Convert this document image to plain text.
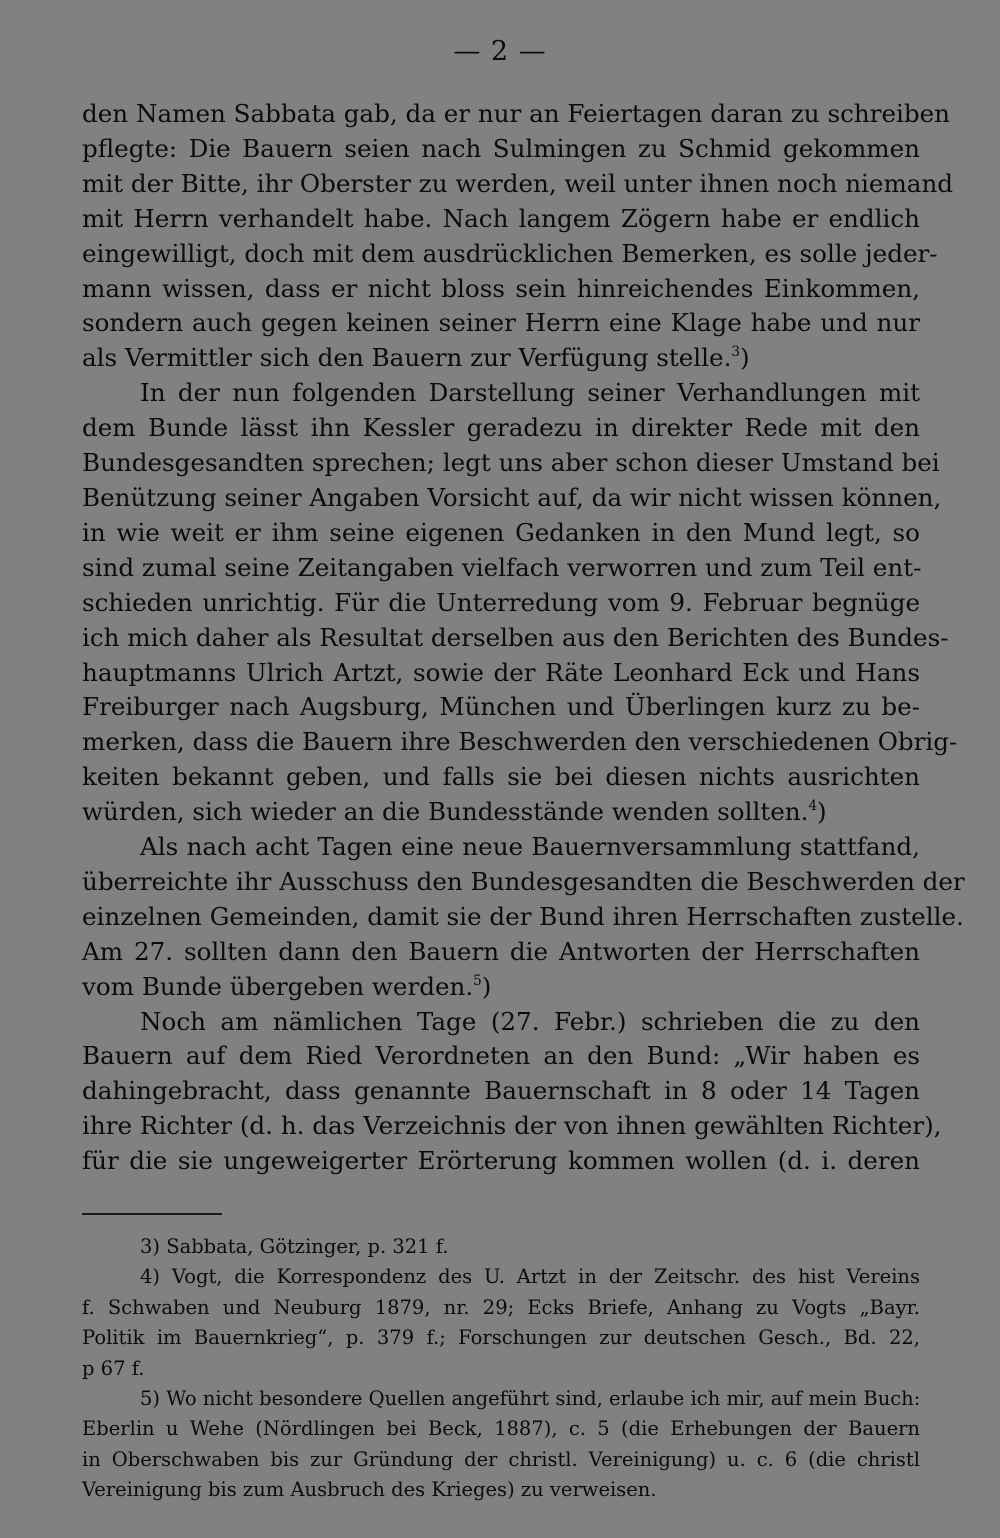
— 2 —
den Namen Sabbata gab, da er nur an Feiertagen daran zu schreiben
pflegte: Die Bauern seien nach Sulmingen zu Schmid gekommen
mit der Bitte, ihr Oberster zu werden, weil unter ihnen noch niemand
mit Herrn verhandelt habe. Nach langem Zögern habe er endlich
eingewilligt, doch mit dem ausdrücklichen Bemerken, es solle jeder-
mann wissen, dass er nicht bloss sein hinreichendes Einkommen,
sondern auch gegen keinen seiner Herrn eine Klage habe und nur
als Vermittler sich den Bauern zur Verfügung stelle.$^3$)
In der nun folgenden Darstellung seiner Verhandlungen mit
dem Bunde lässt ihn Kessler geradezu in direkter Rede mit den
Bundesgesandten sprechen; legt uns aber schon dieser Umstand bei
Benützung seiner Angaben Vorsicht auf, da wir nicht wissen können,
in wie weit er ihm seine eigenen Gedanken in den Mund legt, so
sind zumal seine Zeitangaben vielfach verworren und zum Teil ent-
schieden unrichtig. Für die Unterredung vom 9. Februar begnüge
ich mich daher als Resultat derselben aus den Berichten des Bundes-
hauptmanns Ulrich Artzt, sowie der Räte Leonhard Eck und Hans
Freiburger nach Augsburg, München und Überlingen kurz zu be-
merken, dass die Bauern ihre Beschwerden den verschiedenen Obrig-
keiten bekannt geben, und falls sie bei diesen nichts ausrichten
würden, sich wieder an die Bundesstände wenden sollten.$^4$)
Als nach acht Tagen eine neue Bauernversammlung stattfand,
überreichte ihr Ausschuss den Bundesgesandten die Beschwerden der
einzelnen Gemeinden, damit sie der Bund ihren Herrschaften zustelle.
Am 27. sollten dann den Bauern die Antworten der Herrschaften
vom Bunde übergeben werden.$^5$)
Noch am nämlichen Tage (27. Febr.) schrieben die zu den
Bauern auf dem Ried Verordneten an den Bund: „Wir haben es
dahingebracht, dass genannte Bauernschaft in 8 oder 14 Tagen
ihre Richter (d. h. das Verzeichnis der von ihnen gewählten Richter),
für die sie ungeweigerter Erörterung kommen wollen (d. i. deren
3) Sabbata, Götzinger, p. 321 f.
4) Vogt, die Korrespondenz des U. Artzt in der Zeitschr. des hist Vereins
f. Schwaben und Neuburg 1879, nr. 29; Ecks Briefe, Anhang zu Vogts „Bayr.
Politik im Bauernkrieg“, p. 379 f.; Forschungen zur deutschen Gesch., Bd. 22,
p 67 f.
5) Wo nicht besondere Quellen angeführt sind, erlaube ich mir, auf mein Buch:
Eberlin u Wehe (Nördlingen bei Beck, 1887), c. 5 (die Erhebungen der Bauern
in Oberschwaben bis zur Gründung der christl. Vereinigung) u. c. 6 (die christl
Vereinigung bis zum Ausbruch des Krieges) zu verweisen.
